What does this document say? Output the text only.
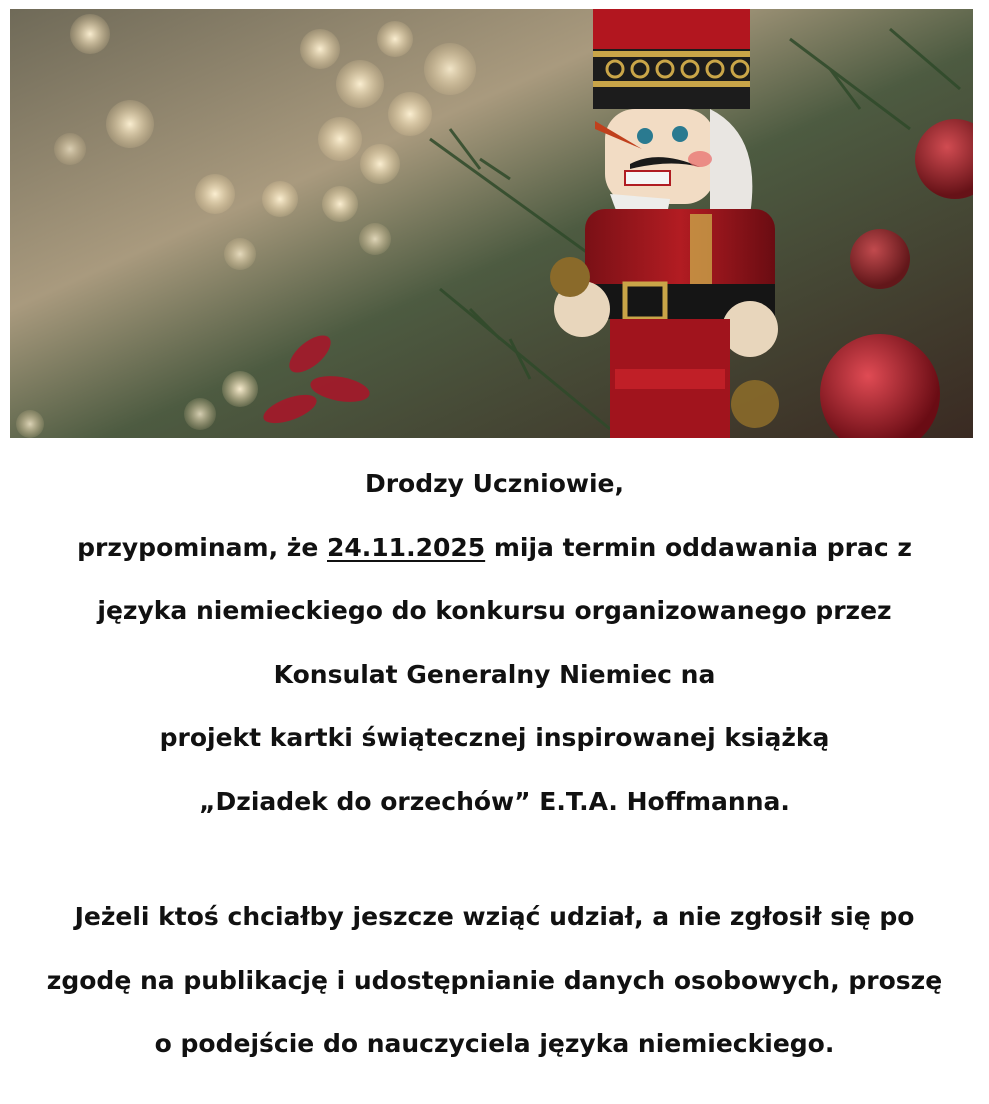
Drodzy Uczniowie,
przypominam, że 24.11.2025 mija termin oddawania prac z
języka niemieckiego do konkursu organizowanego przez
Konsulat Generalny Niemiec na
projekt kartki świątecznej inspirowanej książką
„Dziadek do orzechów” E.T.A. Hoffmanna.
Jeżeli ktoś chciałby jeszcze wziąć udział, a nie zgłosił się po
zgodę na publikację i udostępnianie danych osobowych, proszę
o podejście do nauczyciela języka niemieckiego.
